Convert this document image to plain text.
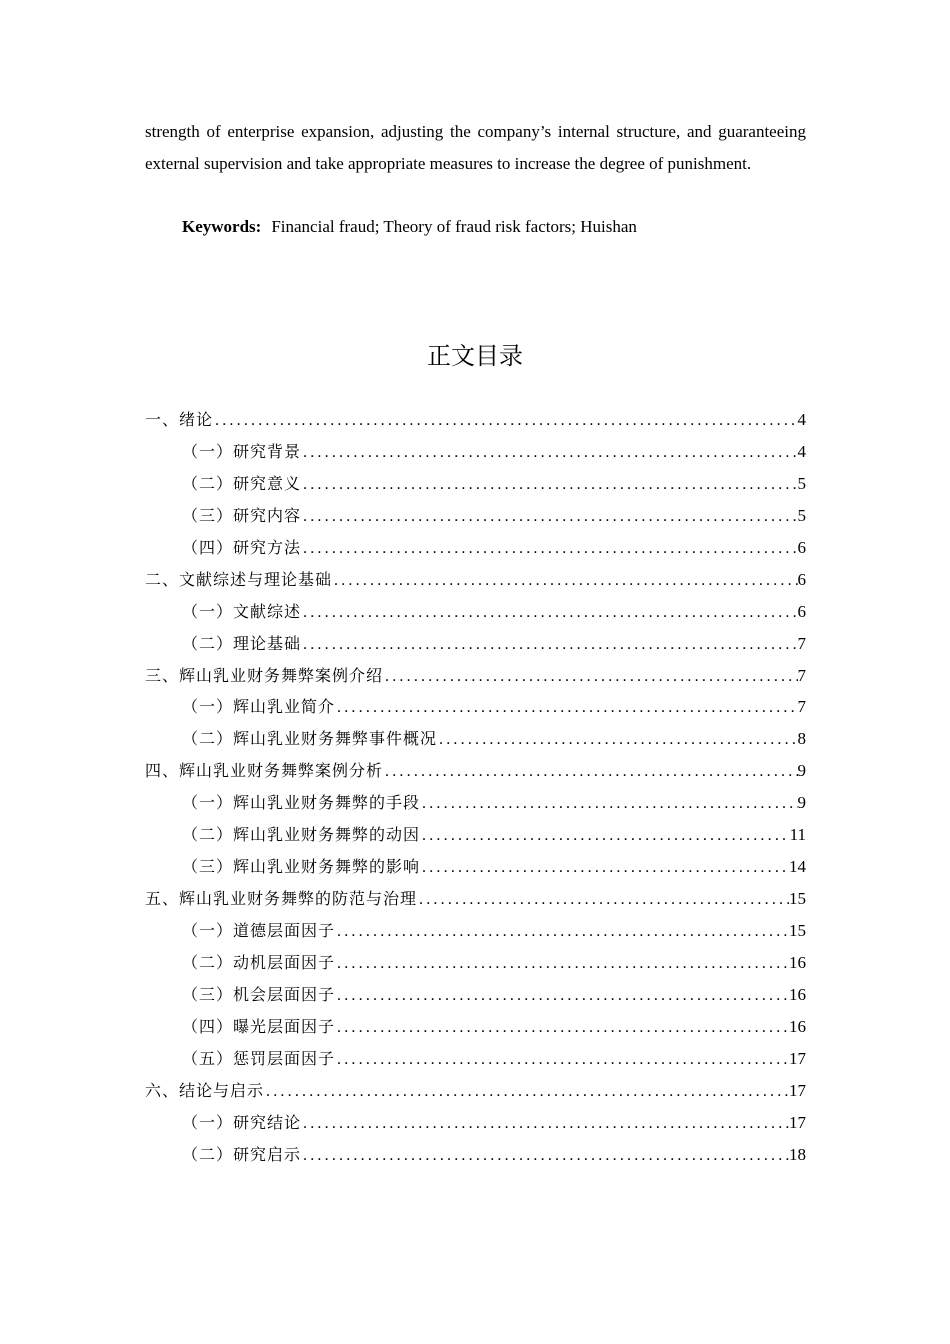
strength of enterprise expansion, adjusting the company’s internal structure, and guaranteeing external supervision and take appropriate measures to increase the degree of punishment.

Keywords: Financial fraud; Theory of fraud risk factors; Huishan
正文目录
一、绪论 .....	4
（一）研究背景 .....	4
（二）研究意义 .....	5
（三）研究内容 .....	5
（四）研究方法 .....	6
二、文献综述与理论基础 .....	6
（一）文献综述 .....	6
（二）理论基础 .....	7
三、辉山乳业财务舞弊案例介绍 .....	7
（一）辉山乳业简介 .....	7
（二）辉山乳业财务舞弊事件概况 .....	8
四、辉山乳业财务舞弊案例分析 .....	9
（一）辉山乳业财务舞弊的手段 .....	9
（二）辉山乳业财务舞弊的动因 .....	11
（三）辉山乳业财务舞弊的影响 .....	14
五、辉山乳业财务舞弊的防范与治理 .....	15
（一）道德层面因子 .....	15
（二）动机层面因子 .....	16
（三）机会层面因子 .....	16
（四）曝光层面因子 .....	16
（五）惩罚层面因子 .....	17
六、结论与启示 .....	17
（一）研究结论 .....	17
（二）研究启示 .....	18
